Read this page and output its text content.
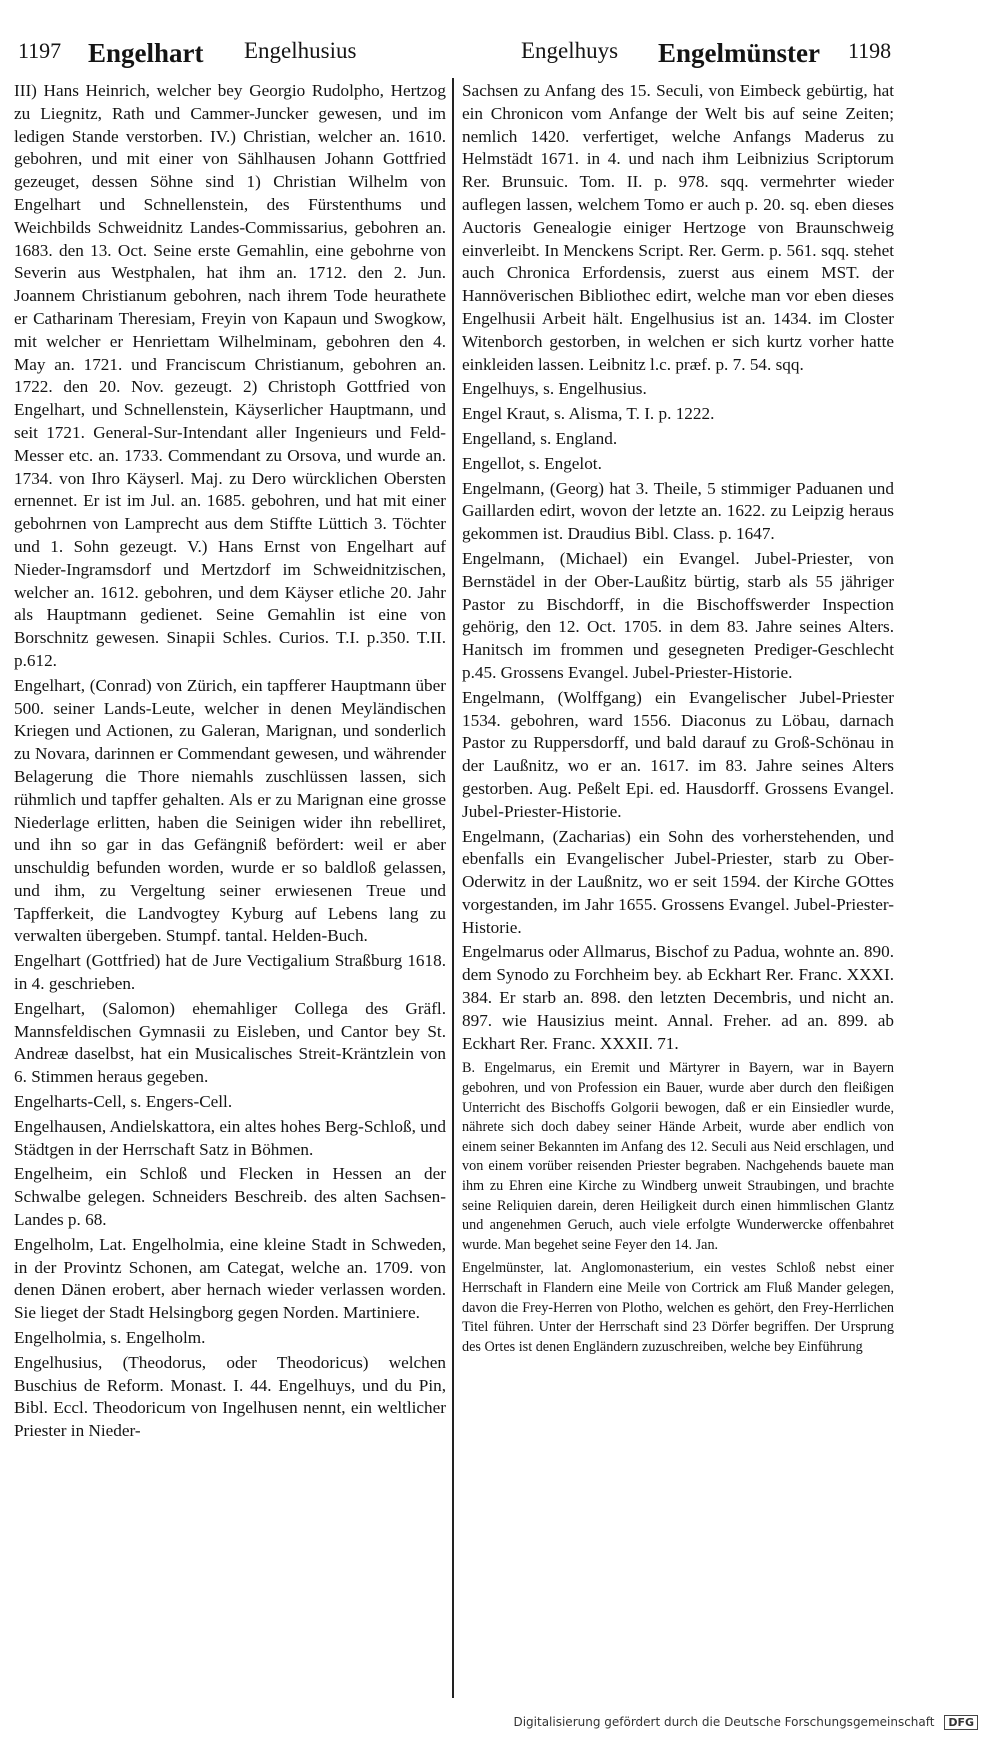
1197 Engelhart Engelhusius	Engelhuys Engelmünster 1198

III) Hans Heinrich, welcher bey Georgio Rudolpho, Hertzog zu Liegnitz, Rath und Cammer-Juncker gewesen, und im ledigen Stande verstorben. IV.) Christian, welcher an. 1610. gebohren, und mit einer von Sählhausen Johann Gottfried gezeuget, dessen Söhne sind 1) Christian Wilhelm von Engelhart und Schnellenstein, des Fürstenthums und Weichbilds Schweidnitz Landes-Commissarius, gebohren an. 1683. den 13. Oct. Seine erste Gemahlin, eine gebohrne von Severin aus Westphalen, hat ihm an. 1712. den 2. Jun. Joannem Christianum gebohren, nach ihrem Tode heurathete er Catharinam Theresiam, Freyin von Kapaun und Swogkow, mit welcher er Henriettam Wilhelminam, gebohren den 4. May an. 1721. und Franciscum Christianum, gebohren an. 1722. den 20. Nov. gezeugt. 2) Christoph Gottfried von Engelhart, und Schnellenstein, Käyserlicher Hauptmann, und seit 1721. General-Sur-Intendant aller Ingenieurs und Feld-Messer etc. an. 1733. Commendant zu Orsova, und wurde an. 1734. von Ihro Käyserl. Maj. zu Dero würcklichen Obersten ernennet. Er ist im Jul. an. 1685. gebohren, und hat mit einer gebohrnen von Lamprecht aus dem Stiffte Lüttich 3. Töchter und 1. Sohn gezeugt. V.) Hans Ernst von Engelhart auf Nieder-Ingramsdorf und Mertzdorf im Schweidnitzischen, welcher an. 1612. gebohren, und dem Käyser etliche 20. Jahr als Hauptmann gedienet. Seine Gemahlin ist eine von Borschnitz gewesen. Sinapii Schles. Curios. T.I. p.350. T.II. p.612.

Engelhart, (Conrad) von Zürich, ein tapfferer Hauptmann über 500. seiner Lands-Leute, welcher in denen Meyländischen Kriegen und Actionen, zu Galeran, Marignan, und sonderlich zu Novara, darinnen er Commendant gewesen, und währender Belagerung die Thore niemahls zuschlüssen lassen, sich rühmlich und tapffer gehalten. Als er zu Marignan eine grosse Niederlage erlitten, haben die Seinigen wider ihn rebelliret, und ihn so gar in das Gefängniß befördert: weil er aber unschuldig befunden worden, wurde er so baldloß gelassen, und ihm, zu Vergeltung seiner erwiesenen Treue und Tapfferkeit, die Landvogtey Kyburg auf Lebens lang zu verwalten übergeben. Stumpf. tantal. Helden-Buch.

Engelhart (Gottfried) hat de Jure Vectigalium Straßburg 1618. in 4. geschrieben.

Engelhart, (Salomon) ehemahliger Collega des Gräfl. Mannsfeldischen Gymnasii zu Eisleben, und Cantor bey St. Andreæ daselbst, hat ein Musicalisches Streit-Kräntzlein von 6. Stimmen heraus gegeben.

Engelharts-Cell, s. Engers-Cell.

Engelhausen, Andielskattora, ein altes hohes Berg-Schloß, und Städtgen in der Herrschaft Satz in Böhmen.

Engelheim, ein Schloß und Flecken in Hessen an der Schwalbe gelegen. Schneiders Beschreib. des alten Sachsen-Landes p. 68.

Engelholm, Lat. Engelholmia, eine kleine Stadt in Schweden, in der Provintz Schonen, am Categat, welche an. 1709. von denen Dänen erobert, aber hernach wieder verlassen worden. Sie lieget der Stadt Helsingborg gegen Norden. Martiniere.

Engelholmia, s. Engelholm.

Engelhusius, (Theodorus, oder Theodoricus) welchen Buschius de Reform. Monast. I. 44. Engelhuys, und du Pin, Bibl. Eccl. Theodoricum von Ingelhusen nennt, ein weltlicher Priester in Nieder-

Sachsen zu Anfang des 15. Seculi, von Eimbeck gebürtig, hat ein Chronicon vom Anfange der Welt bis auf seine Zeiten; nemlich 1420. verfertiget, welche Anfangs Maderus zu Helmstädt 1671. in 4. und nach ihm Leibnizius Scriptorum Rer. Brunsuic. Tom. II. p. 978. sqq. vermehrter wieder auflegen lassen, welchem Tomo er auch p. 20. sq. eben dieses Auctoris Genealogie einiger Hertzoge von Braunschweig einverleibt. In Menckens Script. Rer. Germ. p. 561. sqq. stehet auch Chronica Erfordensis, zuerst aus einem MST. der Hannöverischen Bibliothec edirt, welche man vor eben dieses Engelhusii Arbeit hält. Engelhusius ist an. 1434. im Closter Witenborch gestorben, in welchen er sich kurtz vorher hatte einkleiden lassen. Leibnitz l.c. præf. p. 7. 54. sqq.

Engelhuys, s. Engelhusius.

Engel Kraut, s. Alisma, T. I. p. 1222.

Engelland, s. England.

Engellot, s. Engelot.

Engelmann, (Georg) hat 3. Theile, 5 stimmiger Paduanen und Gaillarden edirt, wovon der letzte an. 1622. zu Leipzig heraus gekommen ist. Draudius Bibl. Class. p. 1647.

Engelmann, (Michael) ein Evangel. Jubel-Priester, von Bernstädel in der Ober-Laußitz bürtig, starb als 55 jähriger Pastor zu Bischdorff, in die Bischoffswerder Inspection gehörig, den 12. Oct. 1705. in dem 83. Jahre seines Alters. Hanitsch im frommen und gesegneten Prediger-Geschlecht p.45. Grossens Evangel. Jubel-Priester-Historie.

Engelmann, (Wolffgang) ein Evangelischer Jubel-Priester 1534. gebohren, ward 1556. Diaconus zu Löbau, darnach Pastor zu Ruppersdorff, und bald darauf zu Groß-Schönau in der Laußnitz, wo er an. 1617. im 83. Jahre seines Alters gestorben. Aug. Peßelt Epi. ed. Hausdorff. Grossens Evangel. Jubel-Priester-Historie.

Engelmann, (Zacharias) ein Sohn des vorherstehenden, und ebenfalls ein Evangelischer Jubel-Priester, starb zu Ober-Oderwitz in der Laußnitz, wo er seit 1594. der Kirche GOttes vorgestanden, im Jahr 1655. Grossens Evangel. Jubel-Priester-Historie.

Engelmarus oder Allmarus, Bischof zu Padua, wohnte an. 890. dem Synodo zu Forchheim bey. ab Eckhart Rer. Franc. XXXI. 384. Er starb an. 898. den letzten Decembris, und nicht an. 897. wie Hausizius meint. Annal. Freher. ad an. 899. ab Eckhart Rer. Franc. XXXII. 71.

B. Engelmarus, ein Eremit und Märtyrer in Bayern, war in Bayern gebohren, und von Profession ein Bauer, wurde aber durch den fleißigen Unterricht des Bischoffs Golgorii bewogen, daß er ein Einsiedler wurde, nährete sich doch dabey seiner Hände Arbeit, wurde aber endlich von einem seiner Bekannten im Anfang des 12. Seculi aus Neid erschlagen, und von einem vorüber reisenden Priester begraben. Nachgehends bauete man ihm zu Ehren eine Kirche zu Windberg unweit Straubingen, und brachte seine Reliquien darein, deren Heiligkeit durch einen himmlischen Glantz und angenehmen Geruch, auch viele erfolgte Wunderwercke offenbahret wurde. Man begehet seine Feyer den 14. Jan.

Engelmünster, lat. Anglomonasterium, ein vestes Schloß nebst einer Herrschaft in Flandern eine Meile von Cortrick am Fluß Mander gelegen, davon die Frey-Herren von Plotho, welchen es gehört, den Frey-Herrlichen Titel führen. Unter der Herrschaft sind 23 Dörfer begriffen. Der Ursprung des Ortes ist denen Engländern zuzuschreiben, welche bey Einführung

Digitalisierung gefördert durch die Deutsche Forschungsgemeinschaft DFG
